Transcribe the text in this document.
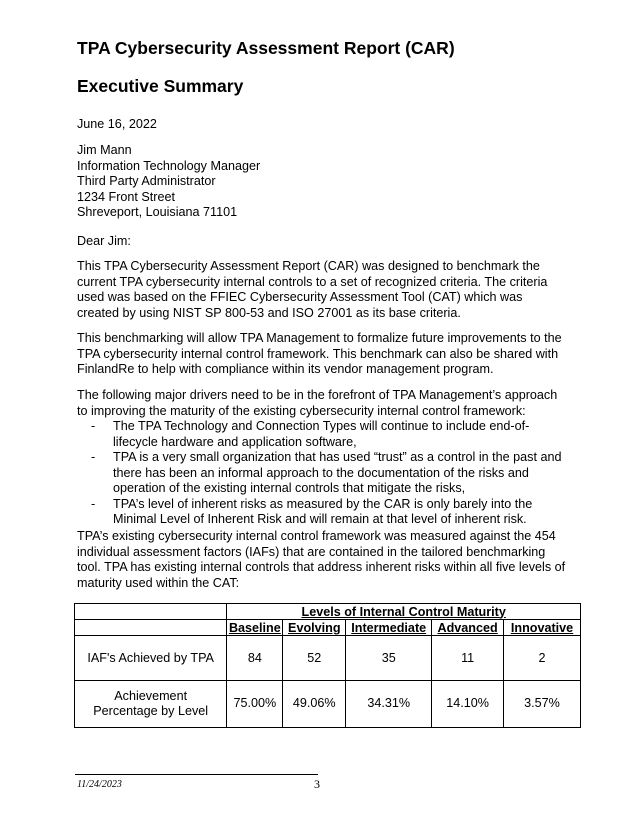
TPA Cybersecurity Assessment Report (CAR)
Executive Summary
June 16, 2022
Jim Mann
Information Technology Manager
Third Party Administrator
1234 Front Street
Shreveport, Louisiana 71101
Dear Jim:
This TPA Cybersecurity Assessment Report (CAR) was designed to benchmark the
current TPA cybersecurity internal controls to a set of recognized criteria. The criteria
used was based on the FFIEC Cybersecurity Assessment Tool (CAT) which was
created by using NIST SP 800-53 and ISO 27001 as its base criteria.
This benchmarking will allow TPA Management to formalize future improvements to the
TPA cybersecurity internal control framework. This benchmark can also be shared with
FinlandRe to help with compliance within its vendor management program.
The following major drivers need to be in the forefront of TPA Management’s approach
to improving the maturity of the existing cybersecurity internal control framework:
- The TPA Technology and Connection Types will continue to include end-of-
lifecycle hardware and application software,
- TPA is a very small organization that has used “trust” as a control in the past and
there has been an informal approach to the documentation of the risks and
operation of the existing internal controls that mitigate the risks,
- TPA’s level of inherent risks as measured by the CAR is only barely into the
Minimal Level of Inherent Risk and will remain at that level of inherent risk.
TPA’s existing cybersecurity internal control framework was measured against the 454
individual assessment factors (IAFs) that are contained in the tailored benchmarking
tool. TPA has existing internal controls that address inherent risks within all five levels of
maturity used within the CAT:
	Levels of Internal Control Maturity				
	Baseline	Evolving	Intermediate	Advanced	Innovative

IAF's Achieved by TPA	84	52	35	11	2

Achievement
Percentage by Level	75.00%	49.06%	34.31%	14.10%	3.57%
11/24/2023	3
